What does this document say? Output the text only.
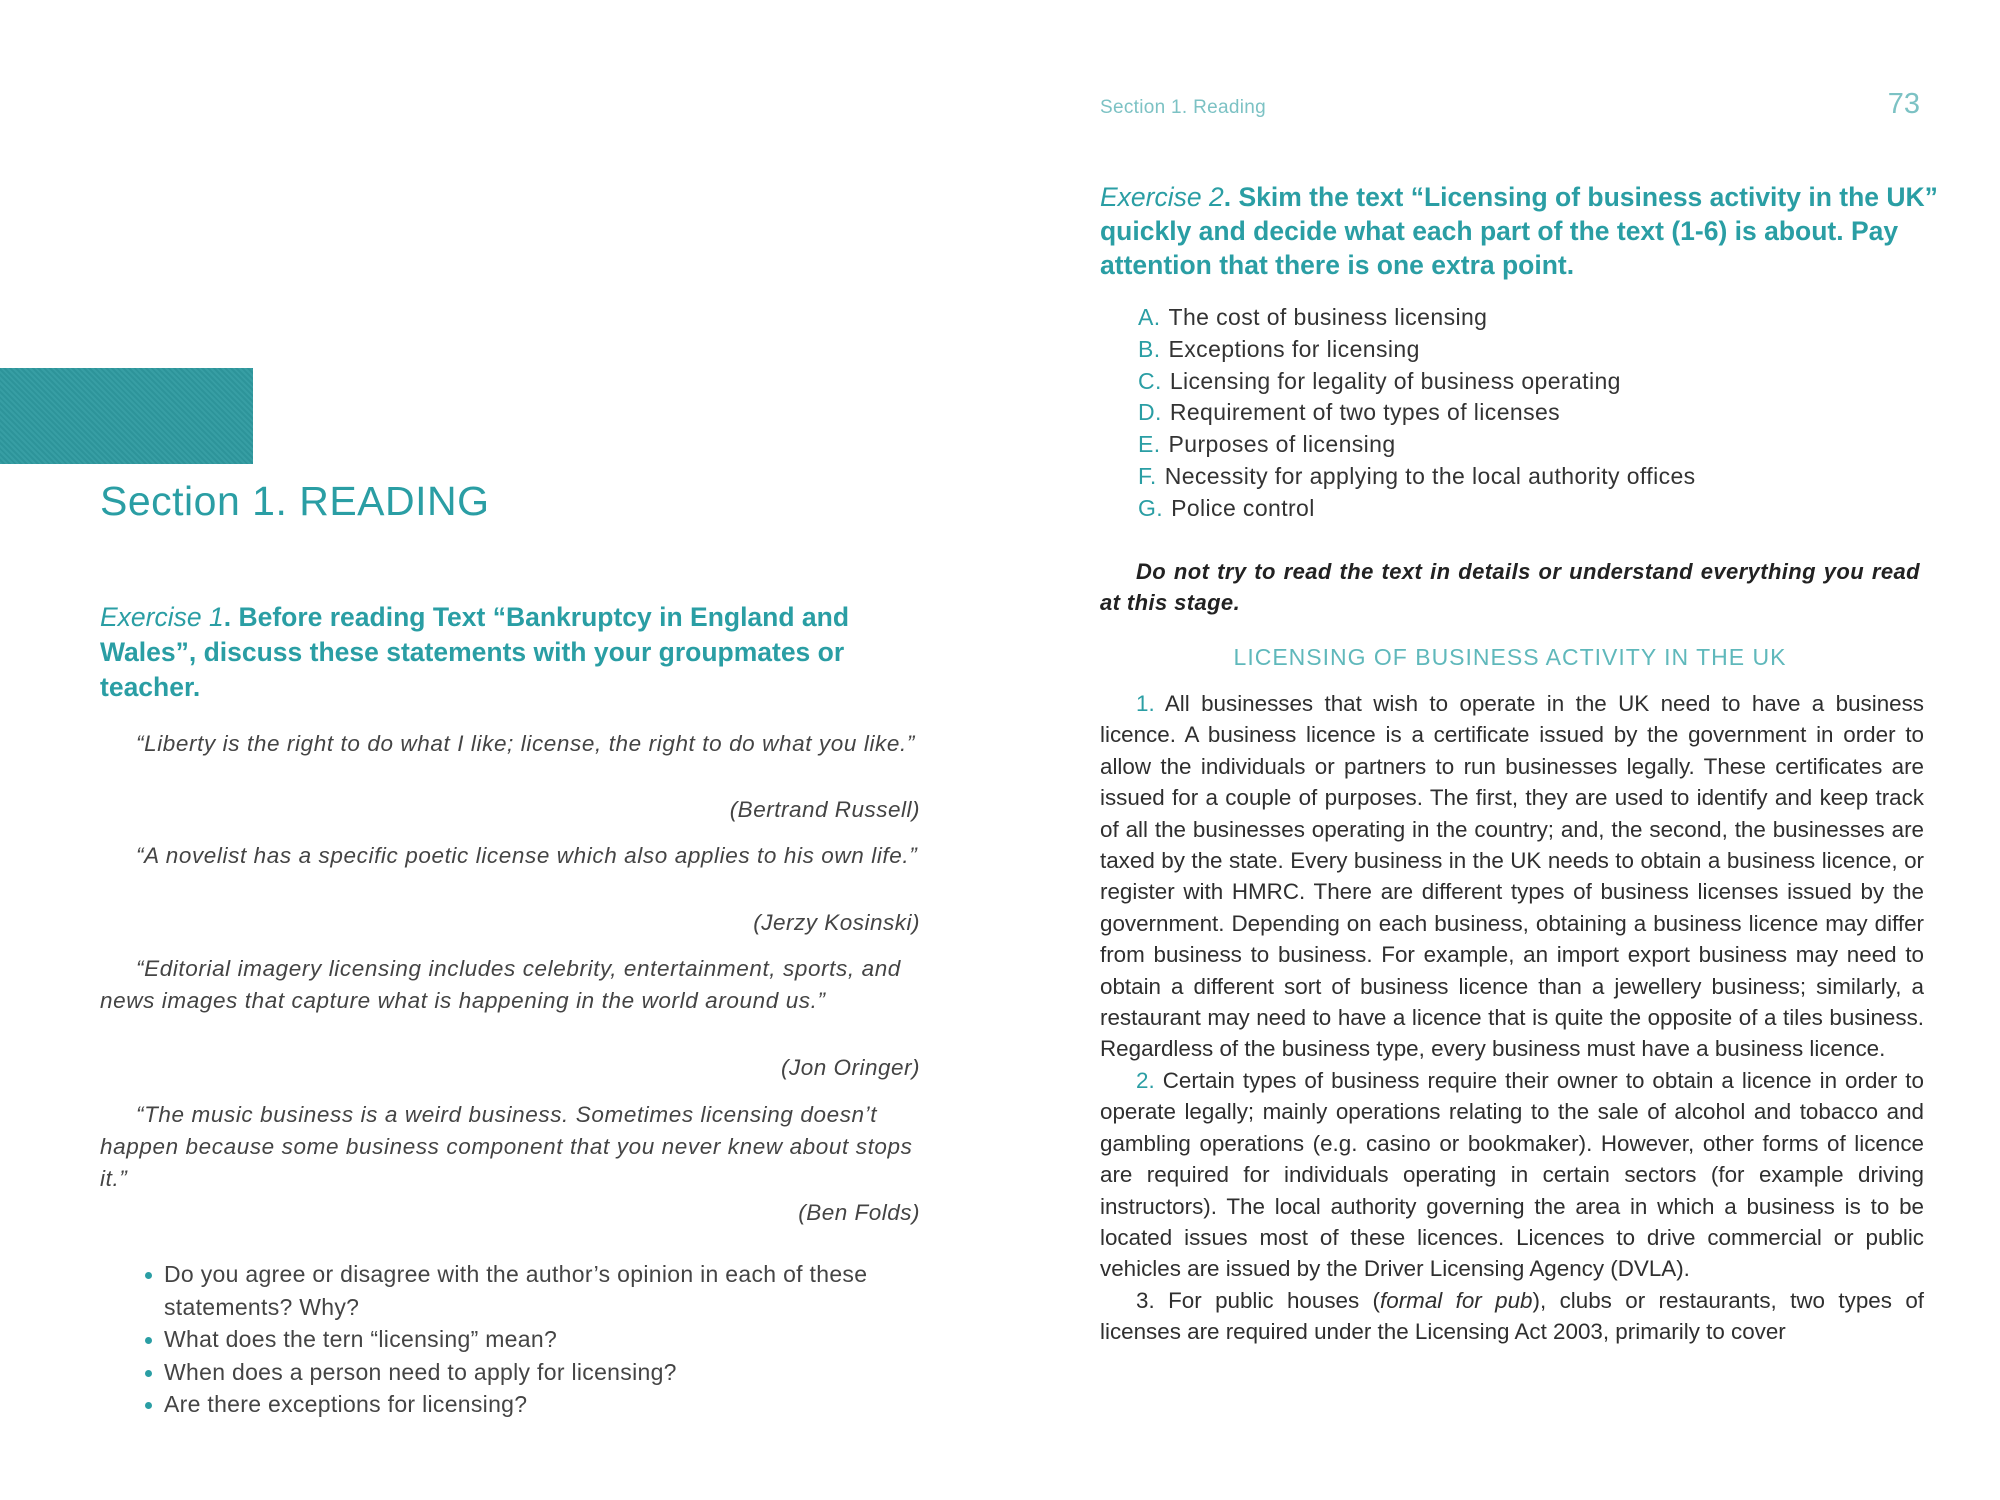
Section 1. READING

Exercise 1. Before reading Text “Bankruptcy in England and Wales”, discuss these statements with your groupmates or teacher.

“Liberty is the right to do what I like; license, the right to do what you like.”

(Bertrand Russell)

“A novelist has a specific poetic license which also applies to his own life.”

(Jerzy Kosinski)

“Editorial imagery licensing includes celebrity, entertainment, sports, and news images that capture what is happening in the world around us.”

(Jon Oringer)

“The music business is a weird business. Sometimes licensing doesn’t happen because some business component that you never knew about stops it.”

(Ben Folds)

Do you agree or disagree with the author’s opinion in each of these statements? Why?
What does the tern “licensing” mean?
When does a person need to apply for licensing?
Are there exceptions for licensing?

Section 1. Reading	73

Exercise 2. Skim the text “Licensing of business activity in the UK” quickly and decide what each part of the text (1-6) is about. Pay attention that there is one extra point.

A. The cost of business licensing
B. Exceptions for licensing
C. Licensing for legality of business operating
D. Requirement of two types of licenses
E. Purposes of licensing
F. Necessity for applying to the local authority offices
G. Police control

Do not try to read the text in details or understand everything you read at this stage.

LICENSING OF BUSINESS ACTIVITY IN THE UK

1. All businesses that wish to operate in the UK need to have a business licence. A business licence is a certificate issued by the government in order to allow the individuals or partners to run businesses legally. These certificates are issued for a couple of purposes. The first, they are used to identify and keep track of all the businesses operating in the country; and, the second, the businesses are taxed by the state. Every business in the UK needs to obtain a business licence, or register with HMRC. There are different types of business licenses issued by the government. Depending on each business, obtaining a business licence may differ from business to business. For example, an import export business may need to obtain a different sort of business licence than a jewellery business; similarly, a restaurant may need to have a licence that is quite the opposite of a tiles business. Regardless of the business type, every business must have a business licence.

2. Certain types of business require their owner to obtain a licence in order to operate legally; mainly operations relating to the sale of alcohol and tobacco and gambling operations (e.g. casino or bookmaker). However, other forms of licence are required for individuals operating in certain sectors (for example driving instructors). The local authority governing the area in which a business is to be located issues most of these licences. Licences to drive commercial or public vehicles are issued by the Driver Licensing Agency (DVLA).

3. For public houses (formal for pub), clubs or restaurants, two types of licenses are required under the Licensing Act 2003, primarily to cover
